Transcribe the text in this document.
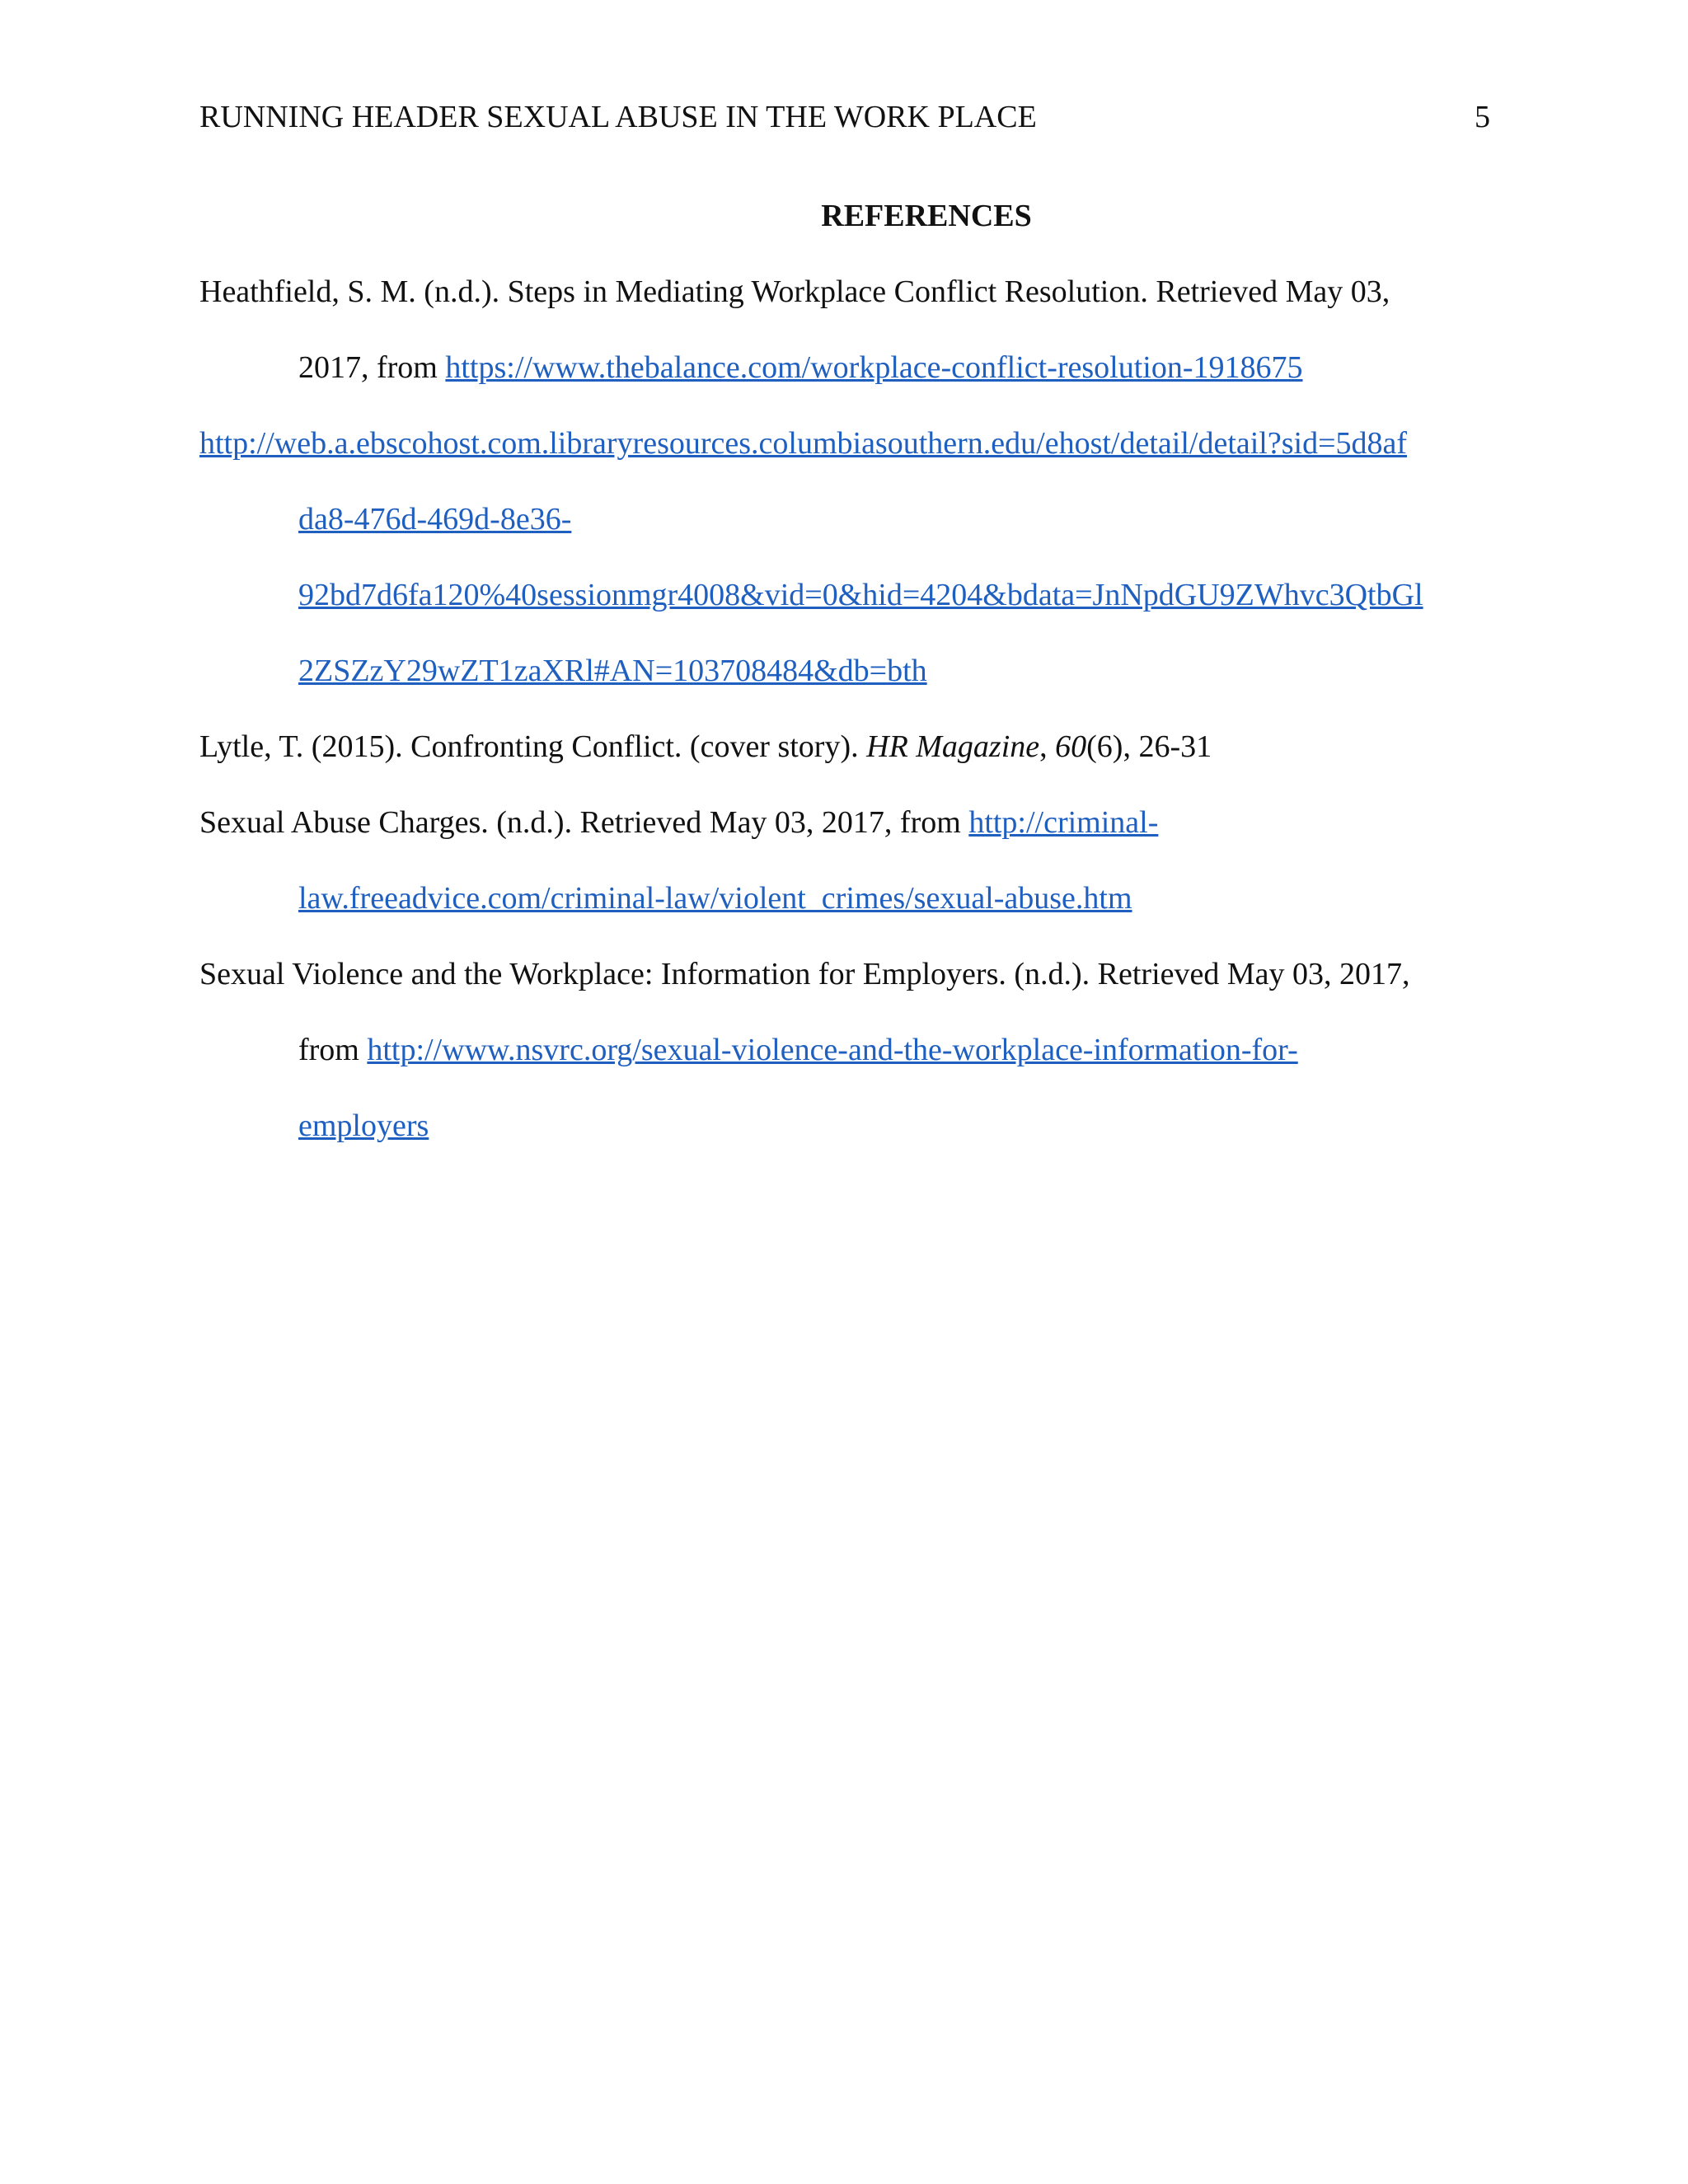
RUNNING HEADER SEXUAL ABUSE IN THE WORK PLACE	5
REFERENCES
Heathfield, S. M. (n.d.). Steps in Mediating Workplace Conflict Resolution. Retrieved May 03,
2017, from https://www.thebalance.com/workplace-conflict-resolution-1918675
http://web.a.ebscohost.com.libraryresources.columbiasouthern.edu/ehost/detail/detail?sid=5d8af
da8-476d-469d-8e36-
92bd7d6fa120%40sessionmgr4008&vid=0&hid=4204&bdata=JnNpdGU9ZWhvc3QtbGl
2ZSZzY29wZT1zaXRl#AN=103708484&db=bth
Lytle, T. (2015). Confronting Conflict. (cover story). HR Magazine, 60(6), 26-31
Sexual Abuse Charges. (n.d.). Retrieved May 03, 2017, from http://criminal-
law.freeadvice.com/criminal-law/violent_crimes/sexual-abuse.htm
Sexual Violence and the Workplace: Information for Employers. (n.d.). Retrieved May 03, 2017,
from http://www.nsvrc.org/sexual-violence-and-the-workplace-information-for-
employers
